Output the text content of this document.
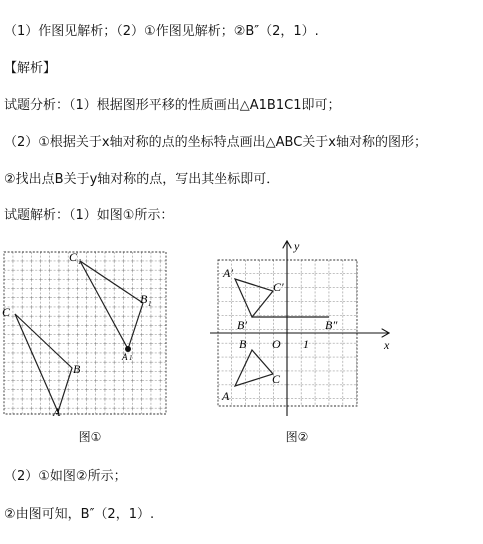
（1）作图见解析；（2）①作图见解析；②B″（2，1）.
【解析】
试题分析：（1）根据图形平移的性质画出△A1B1C1即可；
（2）①根据关于x轴对称的点的坐标特点画出△ABC关于x轴对称的图形；
②找出点B关于y轴对称的点，写出其坐标即可．
试题解析：（1）如图①所示：
C 1
B 1
A 1
C
B
A
图①
y
x
O 1
A′
C′
B′	B″
B
C
A
图②
（2）①如图②所示；
②由图可知，B″（2，1）.
